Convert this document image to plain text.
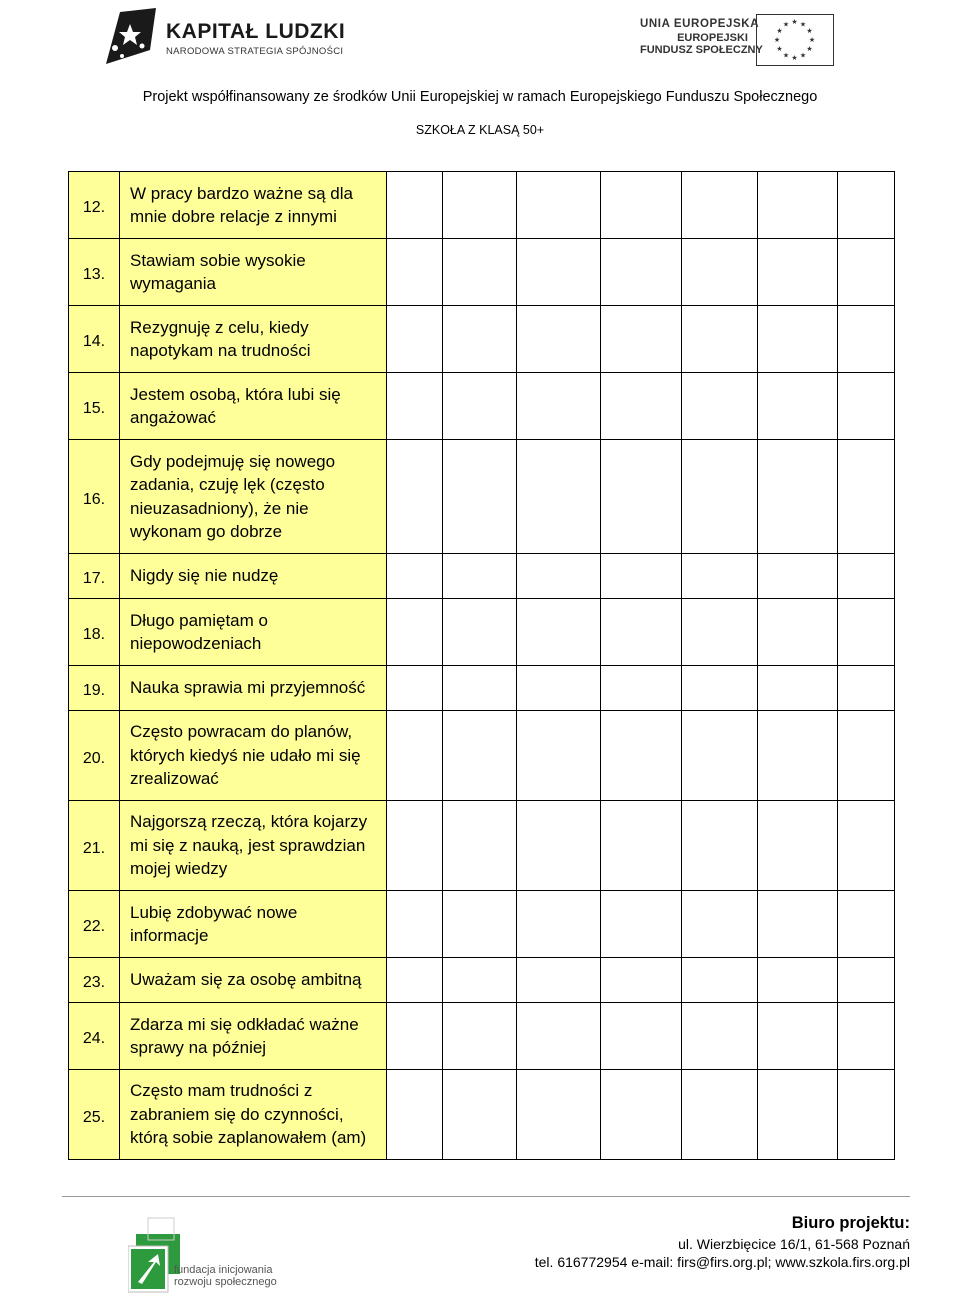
KAPITAŁ LUDZKI
NARODOWA STRATEGIA SPÓJNOŚCI
UNIA EUROPEJSKA
EUROPEJSKI
FUNDUSZ SPOŁECZNY
★ ★
★
★
★
★
★
★
★
★
★
★
Projekt współfinansowany ze środków Unii Europejskiej w ramach Europejskiego Funduszu Społecznego
SZKOŁA Z KLASĄ 50+
12.	W pracy bardzo ważne są dla mnie dobre relacje z innymi							
13.	Stawiam sobie wysokie wymagania							
14.	Rezygnuję z celu, kiedy napotykam na trudności							
15.	Jestem osobą, która lubi się angażować							
16.	Gdy podejmuję się nowego zadania, czuję lęk (często nieuzasadniony), że nie wykonam go dobrze							
17.	Nigdy się nie nudzę							
18.	Długo pamiętam o niepowodzeniach							
19.	Nauka sprawia mi przyjemność							
20.	Często powracam do planów, których kiedyś nie udało mi się zrealizować							
21.	Najgorszą rzeczą, która kojarzy mi się z nauką, jest sprawdzian mojej wiedzy							
22.	Lubię zdobywać nowe informacje							
23.	Uważam się za osobę ambitną							
24.	Zdarza mi się odkładać ważne sprawy na później							
25.	Często mam trudności z zabraniem się do czynności, którą sobie zaplanowałem (am)							
fundacja inicjowania
rozwoju społecznego
Biuro projektu:
ul. Wierzbięcice 16/1, 61-568 Poznań
tel. 616772954 e-mail: firs@firs.org.pl; www.szkola.firs.org.pl
